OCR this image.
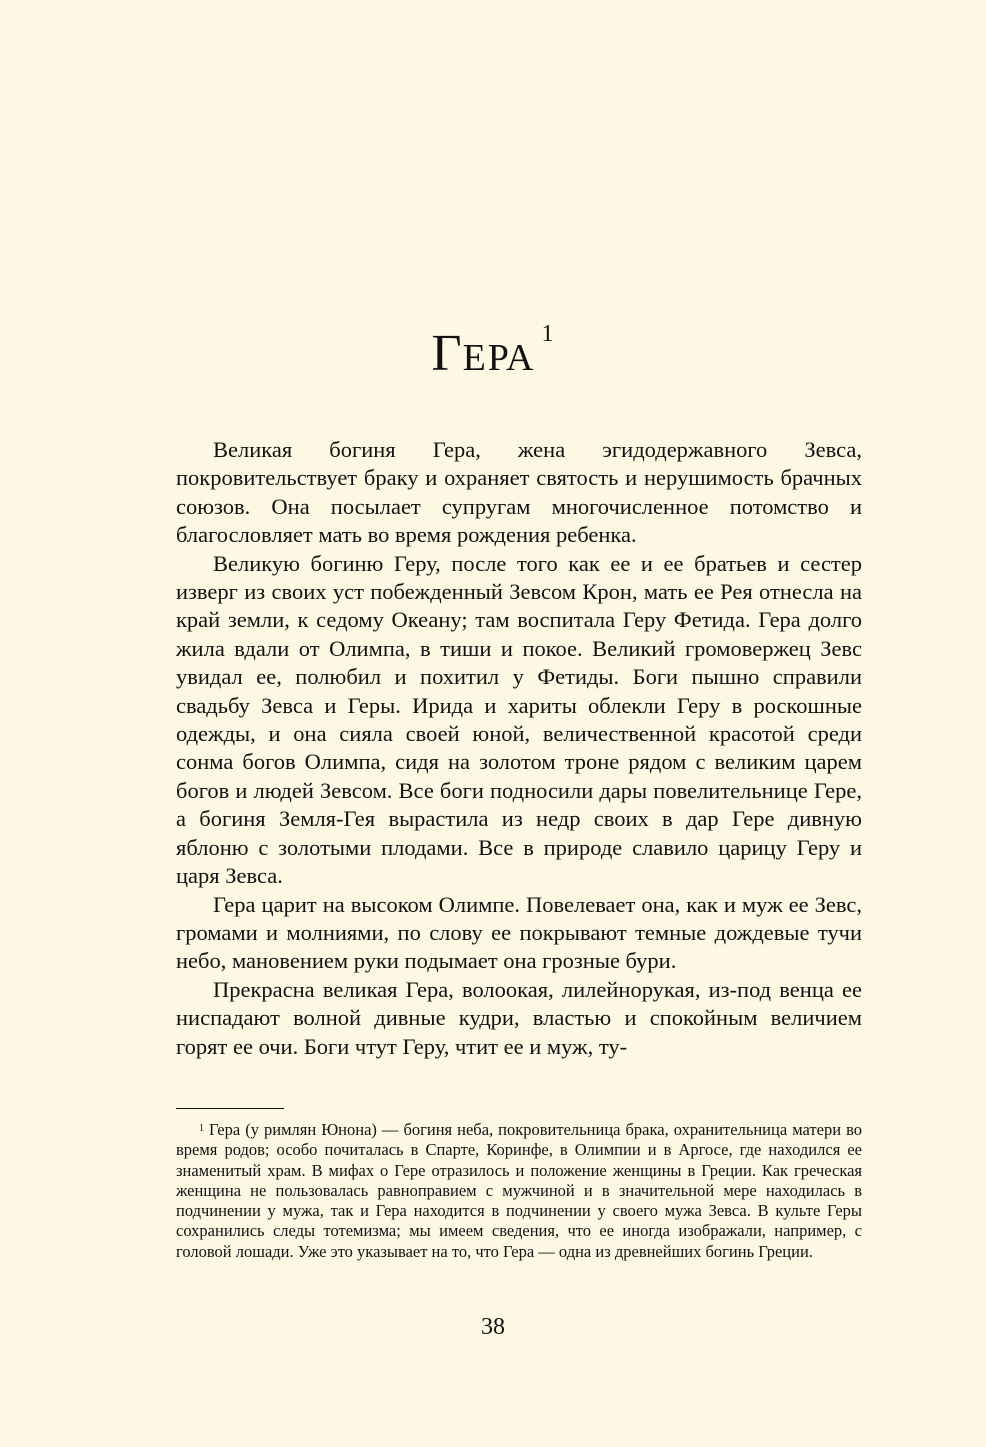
ГЕРА$^1$

Великая богиня Гера, жена эгидодержавного Зевса, покровительствует браку и охраняет святость и нерушимость брачных союзов. Она посылает супругам многочисленное потомство и благословляет мать во время рождения ребенка.

Великую богиню Геру, после того как ее и ее братьев и сестер изверг из своих уст побежденный Зевсом Крон, мать ее Рея отнесла на край земли, к седому Океану; там воспитала Геру Фетида. Гера долго жила вдали от Олимпа, в тиши и покое. Великий громовержец Зевс увидал ее, полюбил и похитил у Фетиды. Боги пышно справили свадьбу Зевса и Геры. Ирида и хариты облекли Геру в роскошные одежды, и она сияла своей юной, величественной красотой среди сонма богов Олимпа, сидя на золотом троне рядом с великим царем богов и людей Зевсом. Все боги подносили дары повелительнице Гере, а богиня Земля-Гея вырастила из недр своих в дар Гере дивную яблоню с золотыми плодами. Все в природе славило царицу Геру и царя Зевса.

Гера царит на высоком Олимпе. Повелевает она, как и муж ее Зевс, громами и молниями, по слову ее покрывают темные дождевые тучи небо, мановением руки подымает она грозные бури.

Прекрасна великая Гера, волоокая, лилейнорукая, из-под венца ее ниспадают волной дивные кудри, властью и спокойным величием горят ее очи. Боги чтут Геру, чтит ее и муж, ту-

$^1$ Гера (у римлян Юнона) — богиня неба, покровительница брака, охранительница матери во время родов; особо почиталась в Спарте, Коринфе, в Олимпии и в Аргосе, где находился ее знаменитый храм. В мифах о Гере отразилось и положение женщины в Греции. Как греческая женщина не пользовалась равноправием с мужчиной и в значительной мере находилась в подчинении у мужа, так и Гера находится в подчинении у своего мужа Зевса. В культе Геры сохранились следы тотемизма; мы имеем сведения, что ее иногда изображали, например, с головой лошади. Уже это указывает на то, что Гера — одна из древнейших богинь Греции.

38
